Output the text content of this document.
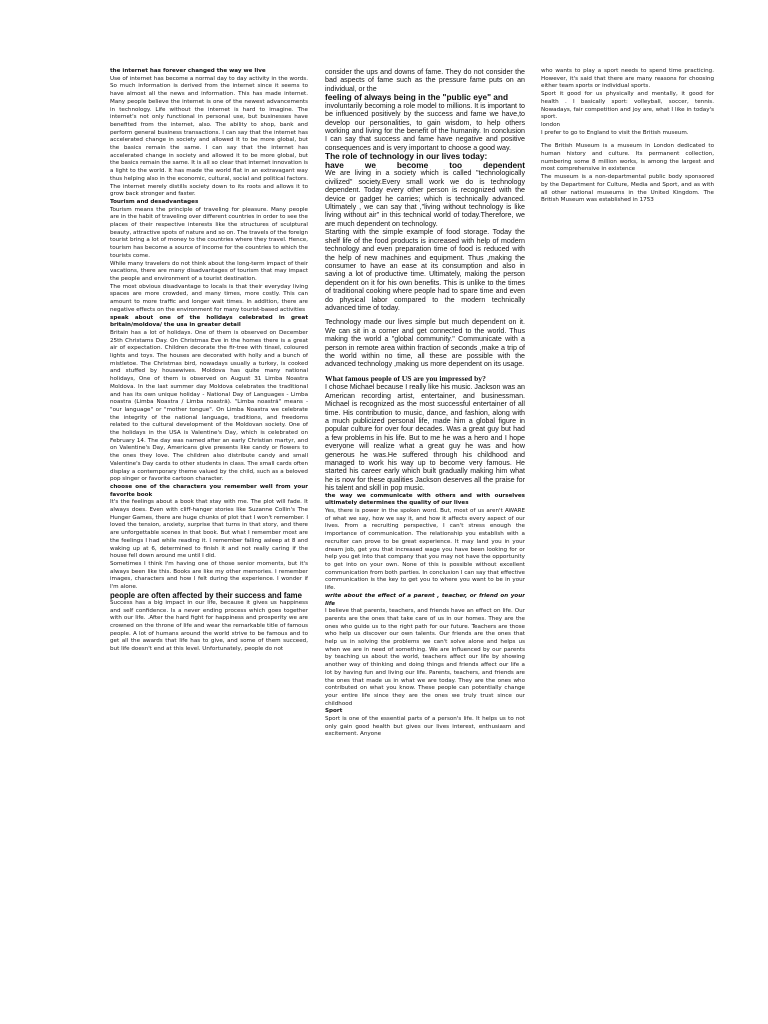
the internet has forever changed the way we live

Use of internet has become a normal day to day activity in the words. So much information is derived from the internet since it seems to have almost all the news and information. This has made internet. Many people believe the internet is one of the newest advancements in technology. Life without the internet is hard to imagine. The internet's not only functional in personal use, but businesses have benefited from the internet, also. The ability to shop, bank and perform general business transactions. I can say that the internet has accelerated change in society and allowed it to be more global, but the basics remain the same. I can say that the internet has accelerated change in society and allowed it to be more global, but the basics remain the same. It is all so clear that internet innovation is a light to the world. It has made the world flat in an extravagant way thus helping also in the economic, cultural, social and political factors. The internet merely distills society down to its roots and allows it to grow back stronger and faster.

Tourism and desadvantages

Tourism means the principle of traveling for pleasure. Many people are in the habit of traveling over different countries in order to see the places of their respective interests like the structures of sculptural beauty, attractive spots of nature and so on. The travels of the foreign tourist bring a lot of money to the countries where they travel. Hence, tourism has become a source of income for the countries to which the tourists come.

While many travelers do not think about the long-term impact of their vacations, there are many disadvantages of tourism that may impact the people and environment of a tourist destination.

The most obvious disadvantage to locals is that their everyday living spaces are more crowded, and many times, more costly. This can amount to more traffic and longer wait times. In addition, there are negative effects on the environment for many tourist-based activities

speak about one of the holidays celebrated in great britain/moldova/ the usa in greater detail

Britain has a lot of holidays. One of them is observed on December 25th Christams Day. On Christmas Eve in the homes there is a great air of expectation. Children decorate the fir-tree with tinsel, coloured lights and toys. The houses are decorated with holly and a bunch of mistletoe. The Christmas bird, nowadays usually a turkey, is cooked and stuffed by housewives. Moldova has quite many national holidays, One of them is observed on August 31 Limba Noastra Moldova. In the last summer day Moldova celebrates the traditional and has its own unique holiday - National Day of Languages - Limba noastra (Limba Noastra / Limba noastră). "Limba noastră" means - "our language" or "mother tongue". On Limba Noastra we celebrate the integrity of the national language, traditions, and freedoms related to the cultural development of the Moldovan society. One of the holidays in the USA is Valentine's Day, which is celebrated on February 14. The day was named after an early Christian martyr, and on Valentine's Day, Americans give presents like candy or flowers to the ones they love. The children also distribute candy and small Valentine's Day cards to other students in class. The small cards often display a contemporary theme valued by the child, such as a beloved pop singer or favorite cartoon character.

choose one of the characters you remember well from your favorite book

It's the feelings about a book that stay with me. The plot will fade. It always does. Even with cliff-hanger stories like Suzanne Collin's The Hunger Games, there are huge chunks of plot that I won't remember. I loved the tension, anxiety, surprise that turns in that story, and there are unforgettable scenes in that book. But what I remember most are the feelings I had while reading it. I remember falling asleep at 8 and waking up at 6, determined to finish it and not really caring if the house fell down around me until I did.

Sometimes I think I'm having one of those senior moments, but it's always been like this. Books are like my other memories. I remember images, characters and how I felt during the experience. I wonder if I'm alone.

people are often affected by their success and fame

Success has a big impact in our life, because it gives us happiness and self confidence. Is a never ending process which goes together with our life. .After the hard fight for happiness and prosperity we are crowned on the throne of life and wear the remarkable title of famous people. A lot of humans around the world strive to be famous and to get all the awards that life has to give, and some of them succeed, but life doesn't end at this level. Unfortunately, people do not

consider the ups and downs of fame. They do not consider the bad aspects of fame such as the pressure fame puts on an individual, or the

feeling of always being in the "public eye" and

involuntarily becoming a role model to millions. It is important to be influenced positively by the success and fame we have,to develop our personalities, to gain wisdom, to help others working and living for the benefit of the humanity. In conclusion I can say that success and fame have negative and positive consequences and is very important to choose a good way.

The role of technology in our lives today:

have we become too dependent

We are living in a society which is called "technologically civilized" society.Every small work we do is technology dependent. Today every other person is recognized with the device or gadget he carries; which is technically advanced. Ultimately , we can say that ,"living without technology is like living without air" in this technical world of today.Therefore, we are much dependent on technology.

Starting with the simple example of food storage. Today the shelf life of the food products is increased with help of modern technology and even preparation time of food is reduced with the help of new machines and equipment. Thus ,making the consumer to have an ease at its consumption and also in saving a lot of productive time. Ultimately, making the person dependent on it for his own benefits. This is unlike to the times of traditional cooking where people had to spare time and even do physical labor compared to the modern technically advanced time of today.

Technology made our lives simple but much dependent on it. We can sit in a corner and get connected to the world. Thus making the world a "global community." Communicate with a person in remote area within fraction of seconds ,make a trip of the world within no time, all these are possible with the advanced technology ,making us more dependent on its usage.

What famous people of US are you impressed by?

I chose Michael because I really like his music. Jackson was an American recording artist, entertainer, and businessman. Michael is recognized as the most successful entertainer of all time. His contribution to music, dance, and fashion, along with a much publicized personal life, made him a global figure in popular culture for over four decades. Was a great guy but had a few problems in his life. But to me he was a hero and I hope everyone will realize what a great guy he was and how generous he was.He suffered through his childhood and managed to work his way up to become very famous. He started his career early which built gradually making him what he is now for these qualities Jackson deserves all the praise for his talent and skill in pop music.

the way we communicate with others and with ourselves ultimately determines the quality of our lives

Yes, there is power in the spoken word. But, most of us aren't AWARE of what we say, how we say it, and how it affects every aspect of our lives. From a recruiting perspective, I can't stress enough the importance of communication. The relationship you establish with a recruiter can prove to be great experience. It may land you in your dream job, get you that increased wage you have been looking for or help you get into that company that you may not have the opportunity to get into on your own. None of this is possible without excellent communication from both parties. In conclusion I can say that effective communication is the key to get you to where you want to be in your life.

write about the effect of a parent , teacher, or friend on your life

I believe that parents, teachers, and friends have an effect on life. Our parents are the ones that take care of us in our homes. They are the ones who guide us to the right path for our future. Teachers are those who help us discover our own talents. Our friends are the ones that help us in solving the problems we can't solve alone and helps us when we are in need of something. We are influenced by our parents by teaching us about the world, teachers affect our life by showing another way of thinking and doing things and friends affect our life a lot by having fun and living our life. Parents, teachers, and friends are the ones that made us in what we are today. They are the ones who contributed on what you know. These people can potentially change your entire life since they are the ones we truly trust since our childhood

Sport

Sport is one of the essential parts of a person's life. It helps us to not only gain good health but gives our lives interest, enthusiasm and excitement. Anyone

who wants to play a sport needs to spend time practicing. However, it's said that there are many reasons for choosing either team sports or individual sports.

Sport it good for us physically and mentally, it good for health . I basically sport: volleyball, soccer, tennis. Nowadays, fair competition and joy are, what I like in today's sport.

london

I prefer to go to England to visit the British museum.

The British Museum is a museum in London dedicated to human history and culture. Its permanent collection, numbering some 8 million works, is among the largest and most comprehensive in existence

The museum is a non-departmental public body sponsored by the Department for Culture, Media and Sport, and as with all other national museums in the United Kingdom. The British Museum was established in 1753
